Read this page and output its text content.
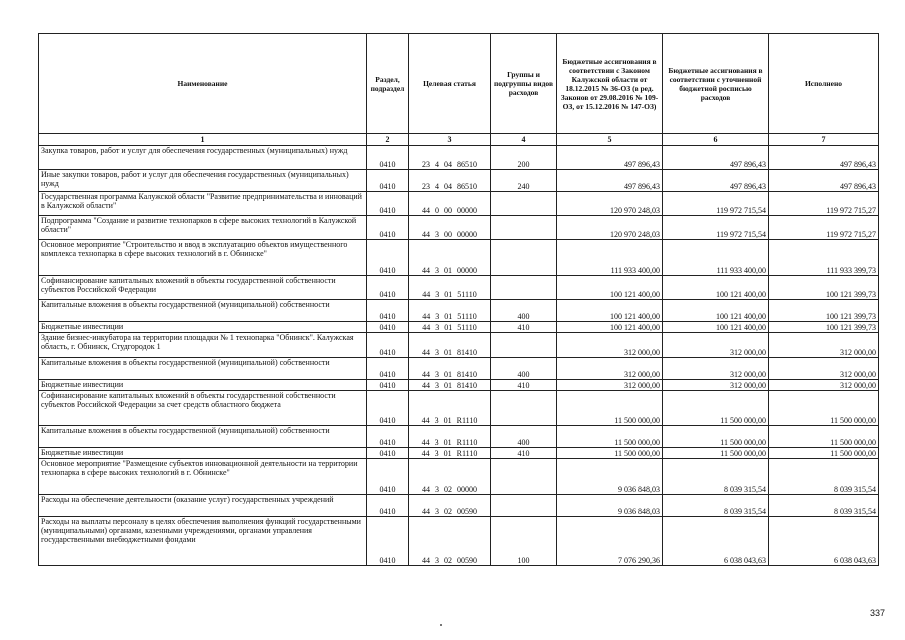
Наименование	Раздел, подраздел	Целевая статья	Группы и подгруппы видов расходов	Бюджетные ассигнования в соответствии с Законом Калужской области от 18.12.2015 № 36-ОЗ (в ред. Законов от 29.08.2016 № 109-ОЗ, от 15.12.2016 № 147-ОЗ)	Бюджетные ассигнования в соответствии с уточненной бюджетной росписью расходов	Исполнено
1	2	3	4	5	6	7
Закупка товаров, работ и услуг для обеспечения государственных (муниципальных) нужд	0410	23 4 04 86510	200	497 896,43	497 896,43	497 896,43
Иные закупки товаров, работ и услуг для обеспечения государственных (муниципальных) нужд	0410	23 4 04 86510	240	497 896,43	497 896,43	497 896,43
Государственная программа Калужской области "Развитие предпринимательства и инноваций в Калужской области"	0410	44 0 00 00000		120 970 248,03	119 972 715,54	119 972 715,27
Подпрограмма "Создание и развитие технопарков в сфере высоких технологий в Калужской области"	0410	44 3 00 00000		120 970 248,03	119 972 715,54	119 972 715,27
Основное мероприятие "Строительство и ввод в эксплуатацию объектов имущественного комплекса технопарка в сфере высоких технологий в г. Обнинске"	0410	44 3 01 00000		111 933 400,00	111 933 400,00	111 933 399,73
Софинансирование капитальных вложений в объекты государственной собственности субъектов Российской Федерации	0410	44 3 01 51110		100 121 400,00	100 121 400,00	100 121 399,73
Капитальные вложения в объекты государственной (муниципальной) собственности	0410	44 3 01 51110	400	100 121 400,00	100 121 400,00	100 121 399,73
Бюджетные инвестиции	0410	44 3 01 51110	410	100 121 400,00	100 121 400,00	100 121 399,73
Здание бизнес-инкубатора на территории площадки № 1 технопарка "Обнинск". Калужская область, г. Обнинск, Студгородок 1	0410	44 3 01 81410		312 000,00	312 000,00	312 000,00
Капитальные вложения в объекты государственной (муниципальной) собственности	0410	44 3 01 81410	400	312 000,00	312 000,00	312 000,00
Бюджетные инвестиции	0410	44 3 01 81410	410	312 000,00	312 000,00	312 000,00
Софинансирование капитальных вложений в объекты государственной собственности субъектов Российской Федерации за счет средств областного бюджета	0410	44 3 01 R1110		11 500 000,00	11 500 000,00	11 500 000,00
Капитальные вложения в объекты государственной (муниципальной) собственности	0410	44 3 01 R1110	400	11 500 000,00	11 500 000,00	11 500 000,00
Бюджетные инвестиции	0410	44 3 01 R1110	410	11 500 000,00	11 500 000,00	11 500 000,00
Основное мероприятие "Размещение субъектов инновационной деятельности на территории технопарка в сфере высоких технологий в г. Обнинске"	0410	44 3 02 00000		9 036 848,03	8 039 315,54	8 039 315,54
Расходы на обеспечение деятельности (оказание услуг) государственных учреждений	0410	44 3 02 00590		9 036 848,03	8 039 315,54	8 039 315,54
Расходы на выплаты персоналу в целях обеспечения выполнения функций государственными (муниципальными) органами, казенными учреждениями, органами управления государственными внебюджетными фондами	0410	44 3 02 00590	100	7 076 290,36	6 038 043,63	6 038 043,63
337
